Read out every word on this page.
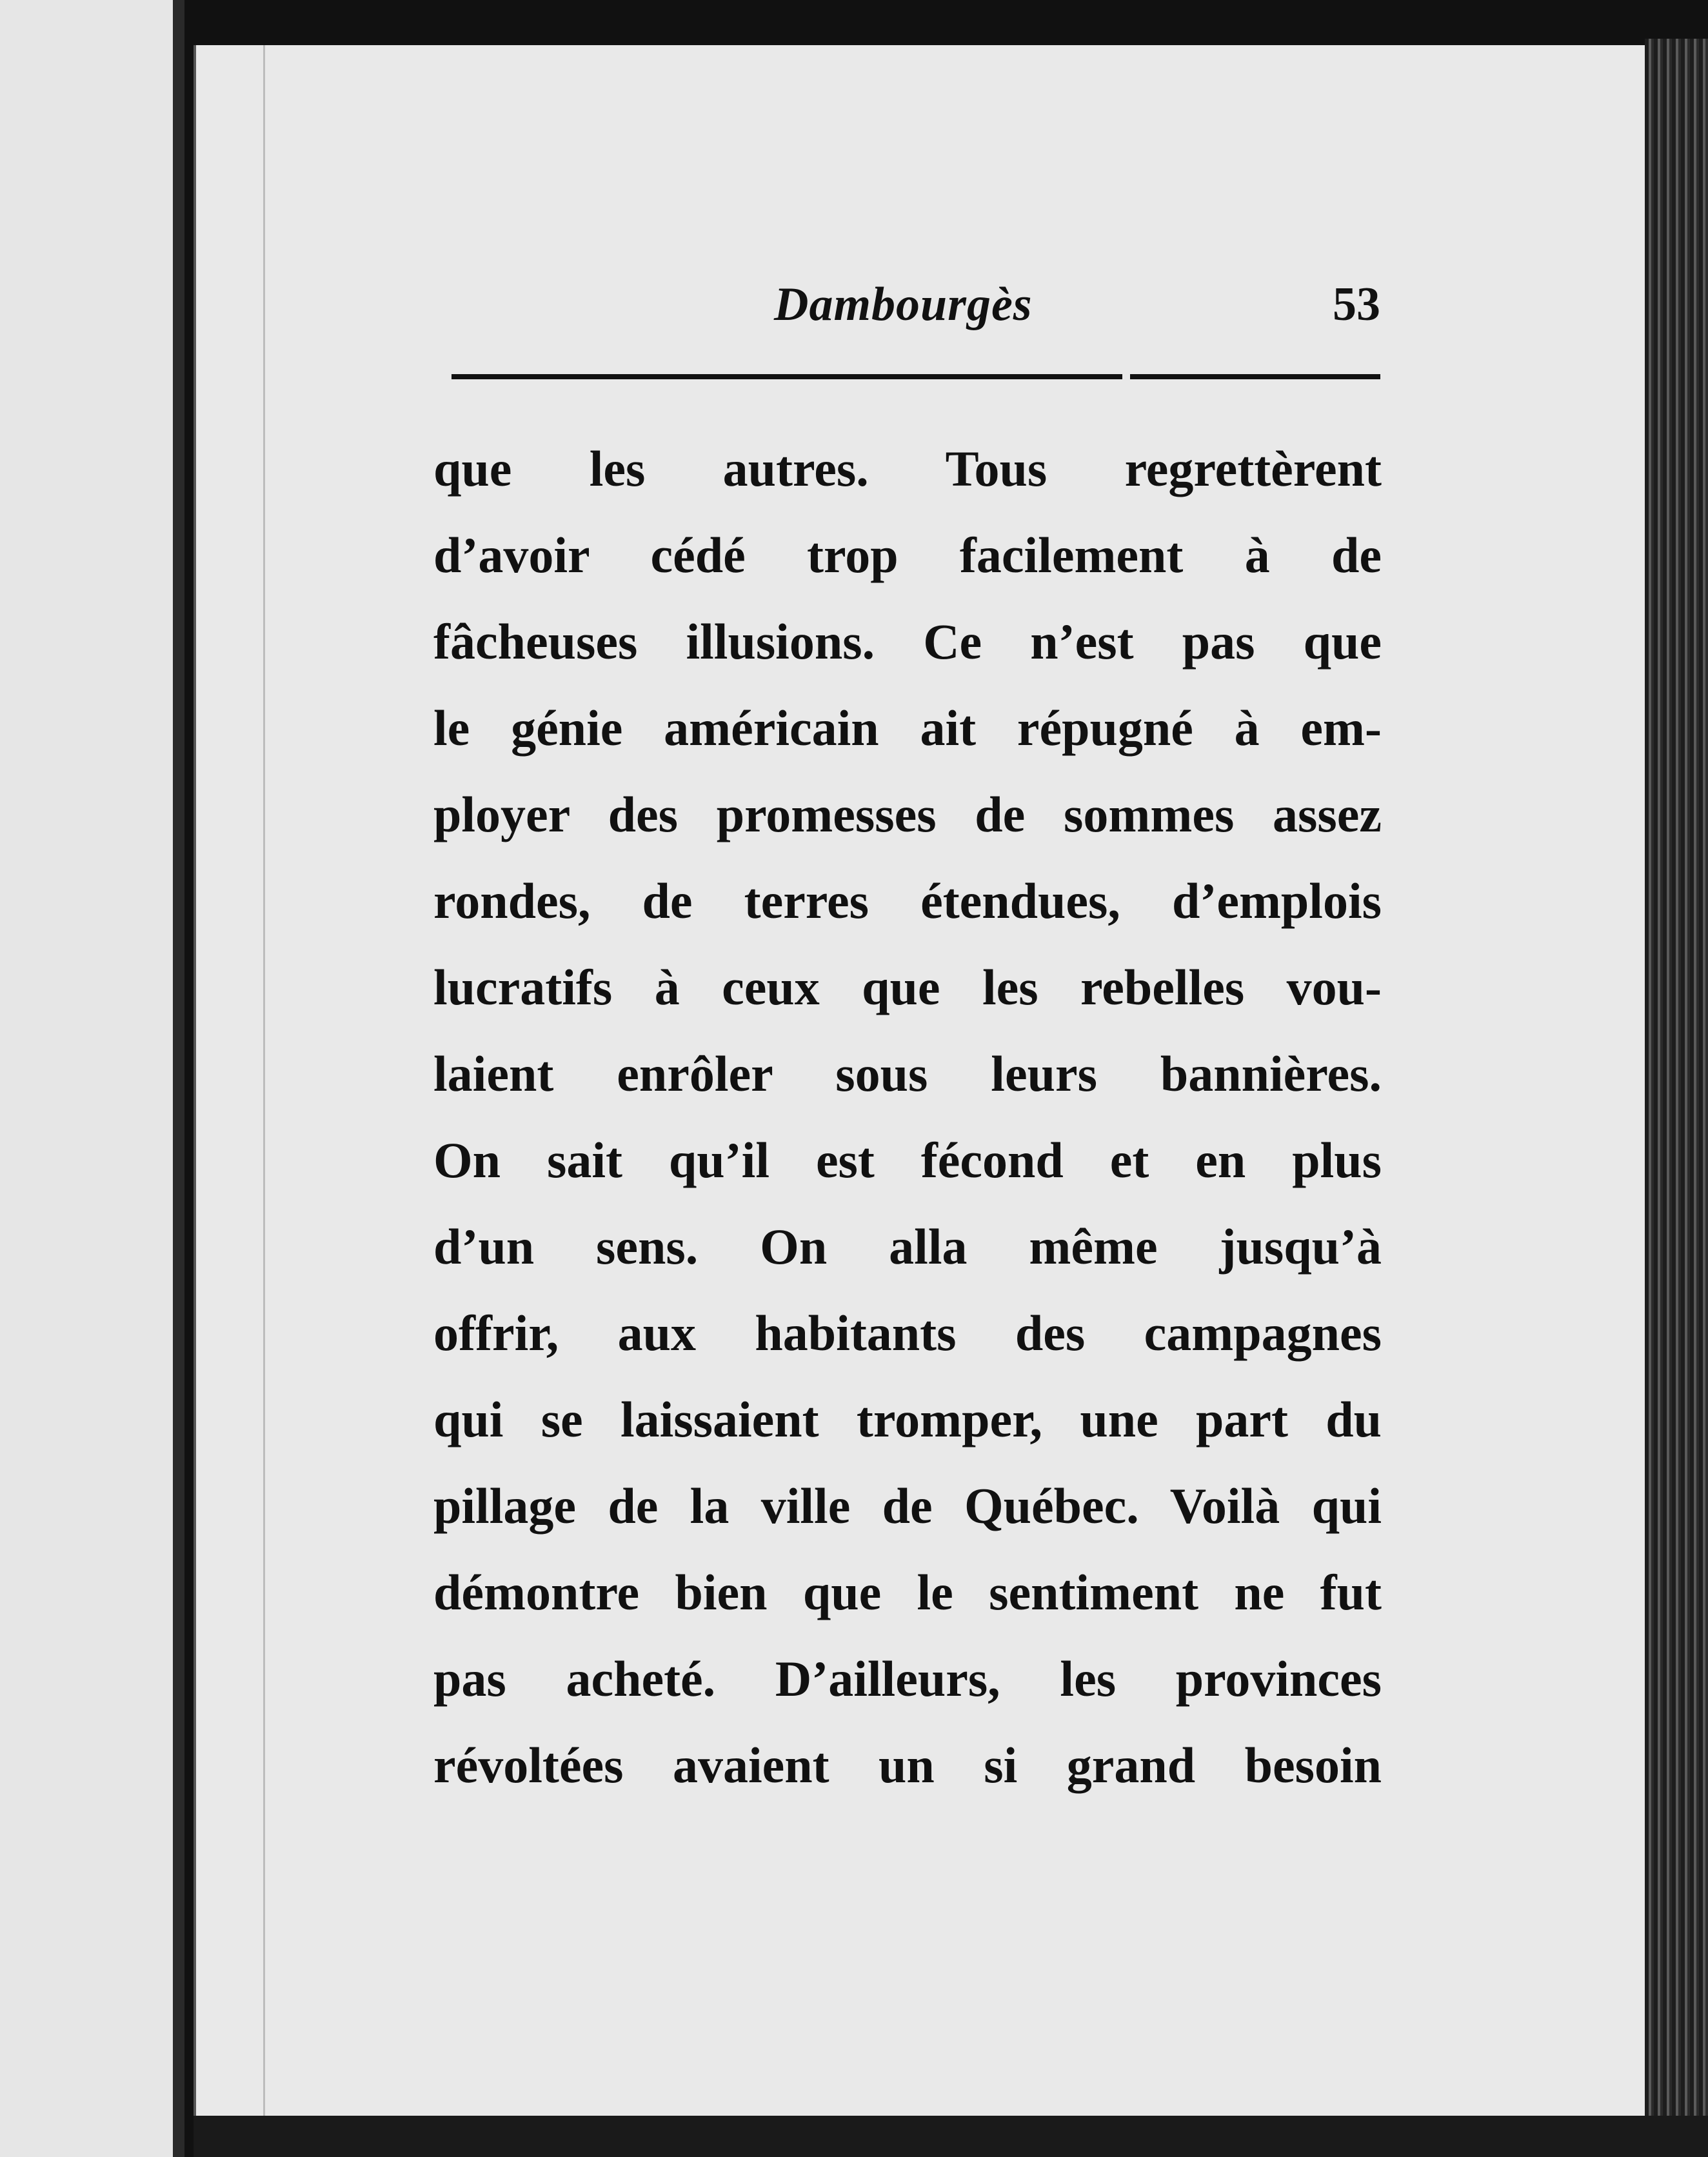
Dambourgès	53
que les autres. Tous regrettèrent
d’avoir cédé trop facilement à de
fâcheuses illusions. Ce n’est pas que
le génie américain ait répugné à em-
ployer des promesses de sommes assez
rondes, de terres étendues, d’emplois
lucratifs à ceux que les rebelles vou-
laient enrôler sous leurs bannières.
On sait qu’il est fécond et en plus
d’un sens. On alla même jusqu’à
offrir, aux habitants des campagnes
qui se laissaient tromper, une part du
pillage de la ville de Québec. Voilà qui
démontre bien que le sentiment ne fut
pas acheté. D’ailleurs, les provinces
révoltées avaient un si grand besoin
